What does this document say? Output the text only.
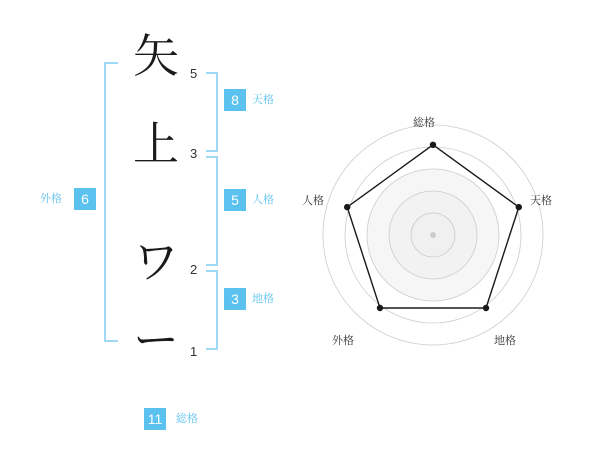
矢
上
ワ
ー
5
3
2
1
8	天格
5	人格
3	地格
外格	6
11	総格
総格
天格
地格
外格
人格
